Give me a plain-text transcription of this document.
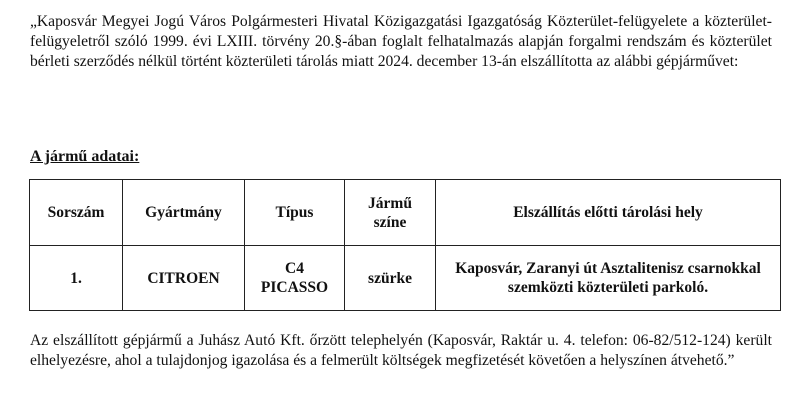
„Kaposvár Megyei Jogú Város Polgármesteri Hivatal Közigazgatási Igazgatóság Közterület-felügyelete a közterület-felügyeletről szóló 1999. évi LXIII. törvény 20.§-ában foglalt felhatalmazás alapján forgalmi rendszám és közterület bérleti szerződés nélkül történt közterületi tárolás miatt 2024. december 13-án elszállította az alábbi gépjárművet:

A jármű adatai:

Sorszám	Gyártmány	Típus	Jármű színe	Elszállítás előtti tárolási hely
1.	CITROEN	C4 PICASSO	szürke	Kaposvár, Zaranyi út Asztalitenisz csarnokkal szemközti közterületi parkoló.

Az elszállított gépjármű a Juhász Autó Kft. őrzött telephelyén (Kaposvár, Raktár u. 4. telefon: 06-82/512-124) került elhelyezésre, ahol a tulajdonjog igazolása és a felmerült költségek megfizetését követően a helyszínen átvehető.”
